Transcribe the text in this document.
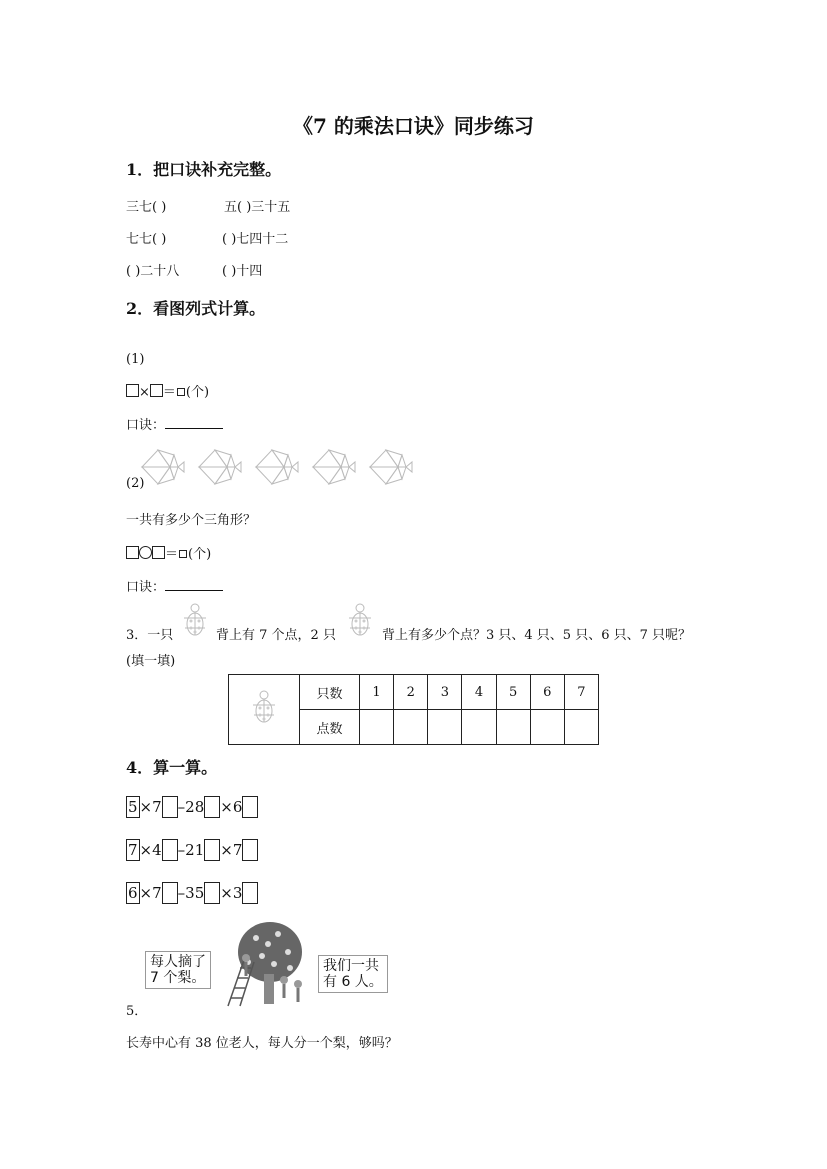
《7 的乘法口诀》同步练习
1．把口诀补充完整。
三七( )	五( )三十五
七七( )	( )七四十二
( )二十八	( )十四
2．看图列式计算。
(1)
× ＝ (个)
口诀：
(2)
一共有多少个三角形？
＝ (个)
口诀：
3．一只	背上有 7 个点，2 只	背上有多少个点？3 只、4 只、5 只、6 只、7 只呢？
(填一填)
	只数	1	2	3	4	5	6	7
	点数							
4．算一算。
5 ×7 –28 ×6
7 ×4 –21 ×7
6 ×7 –35 ×3
每人摘了
7 个梨。
我们一共
有 6 人。
5．
长寿中心有 38 位老人，每人分一个梨，够吗？
